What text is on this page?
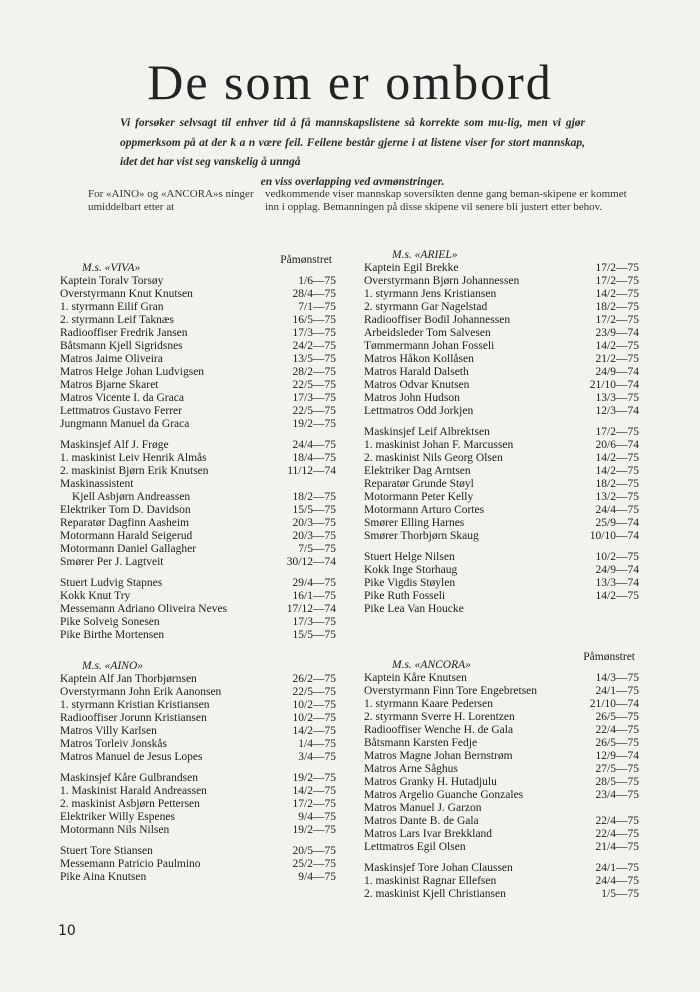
De som er ombord
Vi forsøker selvsagt til enhver tid å få mannskapslistene så korrekte som mu-lig, men vi gjør oppmerksom på at der k a n være feil. Feilene består gjerne i at listene viser for stort mannskap, idet det har vist seg vanskelig å unngå
en viss overlapping ved avmønstringer.
For «AINO» og «ANCORA»s ninger umiddelbart etter at
vedkommende viser mannskap soversikten denne gang beman-skipene er kommet inn i opplag. Bemanningen på disse skipene vil senere bli justert etter behov.
M.s. «VIVA»
Påmønstret
Kaptein Toralv Torsøy	1/6—75
Overstyrmann Knut Knutsen	28/4—75
1. styrmann Eilif Gran	7/1—75
2. styrmann Leif Taknæs	16/5—75
Radiooffiser Fredrik Jansen	17/3—75
Båtsmann Kjell Sigridsnes	24/2—75
Matros Jaime Oliveira	13/5—75
Matros Helge Johan Ludvigsen	28/2—75
Matros Bjarne Skaret	22/5—75
Matros Vicente I. da Graca	17/3—75
Lettmatros Gustavo Ferrer	22/5—75
Jungmann Manuel da Graca	19/2—75
Maskinsjef Alf J. Frøge	24/4—75
1. maskinist Leiv Henrik Almås	18/4—75
2. maskinist Bjørn Erik Knutsen	11/12—74
Maskinassistent
Kjell Asbjørn Andreassen	18/2—75
Elektriker Tom D. Davidson	15/5—75
Reparatør Dagfinn Aasheim	20/3—75
Motormann Harald Seigerud	20/3—75
Motormann Daniel Gallagher	7/5—75
Smører Per J. Lagtveit	30/12—74
Stuert Ludvig Stapnes	29/4—75
Kokk Knut Try	16/1—75
Messemann Adriano Oliveira Neves	17/12—74
Pike Solveig Sonesen	17/3—75
Pike Birthe Mortensen	15/5—75
M.s. «ARIEL»
Kaptein Egil Brekke	17/2—75
Overstyrmann Bjørn Johannessen	17/2—75
1. styrmann Jens Kristiansen	14/2—75
2. styrmann Gar Nagelstad	18/2—75
Radiooffiser Bodil Johannessen	17/2—75
Arbeidsleder Tom Salvesen	23/9—74
Tømmermann Johan Fosseli	14/2—75
Matros Håkon Kollåsen	21/2—75
Matros Harald Dalseth	24/9—74
Matros Odvar Knutsen	21/10—74
Matros John Hudson	13/3—75
Lettmatros Odd Jorkjen	12/3—74
Maskinsjef Leif Albrektsen	17/2—75
1. maskinist Johan F. Marcussen	20/6—74
2. maskinist Nils Georg Olsen	14/2—75
Elektriker Dag Arntsen	14/2—75
Reparatør Grunde Støyl	18/2—75
Motormann Peter Kelly	13/2—75
Motormann Arturo Cortes	24/4—75
Smører Elling Harnes	25/9—74
Smører Thorbjørn Skaug	10/10—74
Stuert Helge Nilsen	10/2—75
Kokk Inge Storhaug	24/9—74
Pike Vigdis Støylen	13/3—74
Pike Ruth Fosseli	14/2—75
Pike Lea Van Houcke
M.s. «AINO»
Kaptein Alf Jan Thorbjørnsen	26/2—75
Overstyrmann John Erik Aanonsen	22/5—75
1. styrmann Kristian Kristiansen	10/2—75
Radiooffiser Jorunn Kristiansen	10/2—75
Matros Villy Karlsen	14/2—75
Matros Torleiv Jonskås	1/4—75
Matros Manuel de Jesus Lopes	3/4—75
Maskinsjef Kåre Gulbrandsen	19/2—75
1. Maskinist Harald Andreassen	14/2—75
2. maskinist Asbjørn Pettersen	17/2—75
Elektriker Willy Espenes	9/4—75
Motormann Nils Nilsen	19/2—75
Stuert Tore Stiansen	20/5—75
Messemann Patricio Paulmino	25/2—75
Pike Aina Knutsen	9/4—75
M.s. «ANCORA»
Påmønstret
Kaptein Kåre Knutsen	14/3—75
Overstyrmann Finn Tore Engebretsen	24/1—75
1. styrmann Kaare Pedersen	21/10—74
2. styrmann Sverre H. Lorentzen	26/5—75
Radiooffiser Wenche H. de Gala	22/4—75
Båtsmann Karsten Fedje	26/5—75
Matros Magne Johan Bernstrøm	12/9—74
Matros Arne Såghus	27/5—75
Matros Granky H. Hutadjulu	28/5—75
Matros Argelio Guanche Gonzales	23/4—75
Matros Manuel J. Garzon
Matros Dante B. de Gala	22/4—75
Matros Lars Ivar Brekkland	22/4—75
Lettmatros Egil Olsen	21/4—75
Maskinsjef Tore Johan Claussen	24/1—75
1. maskinist Ragnar Ellefsen	24/4—75
2. maskinist Kjell Christiansen	1/5—75
10
